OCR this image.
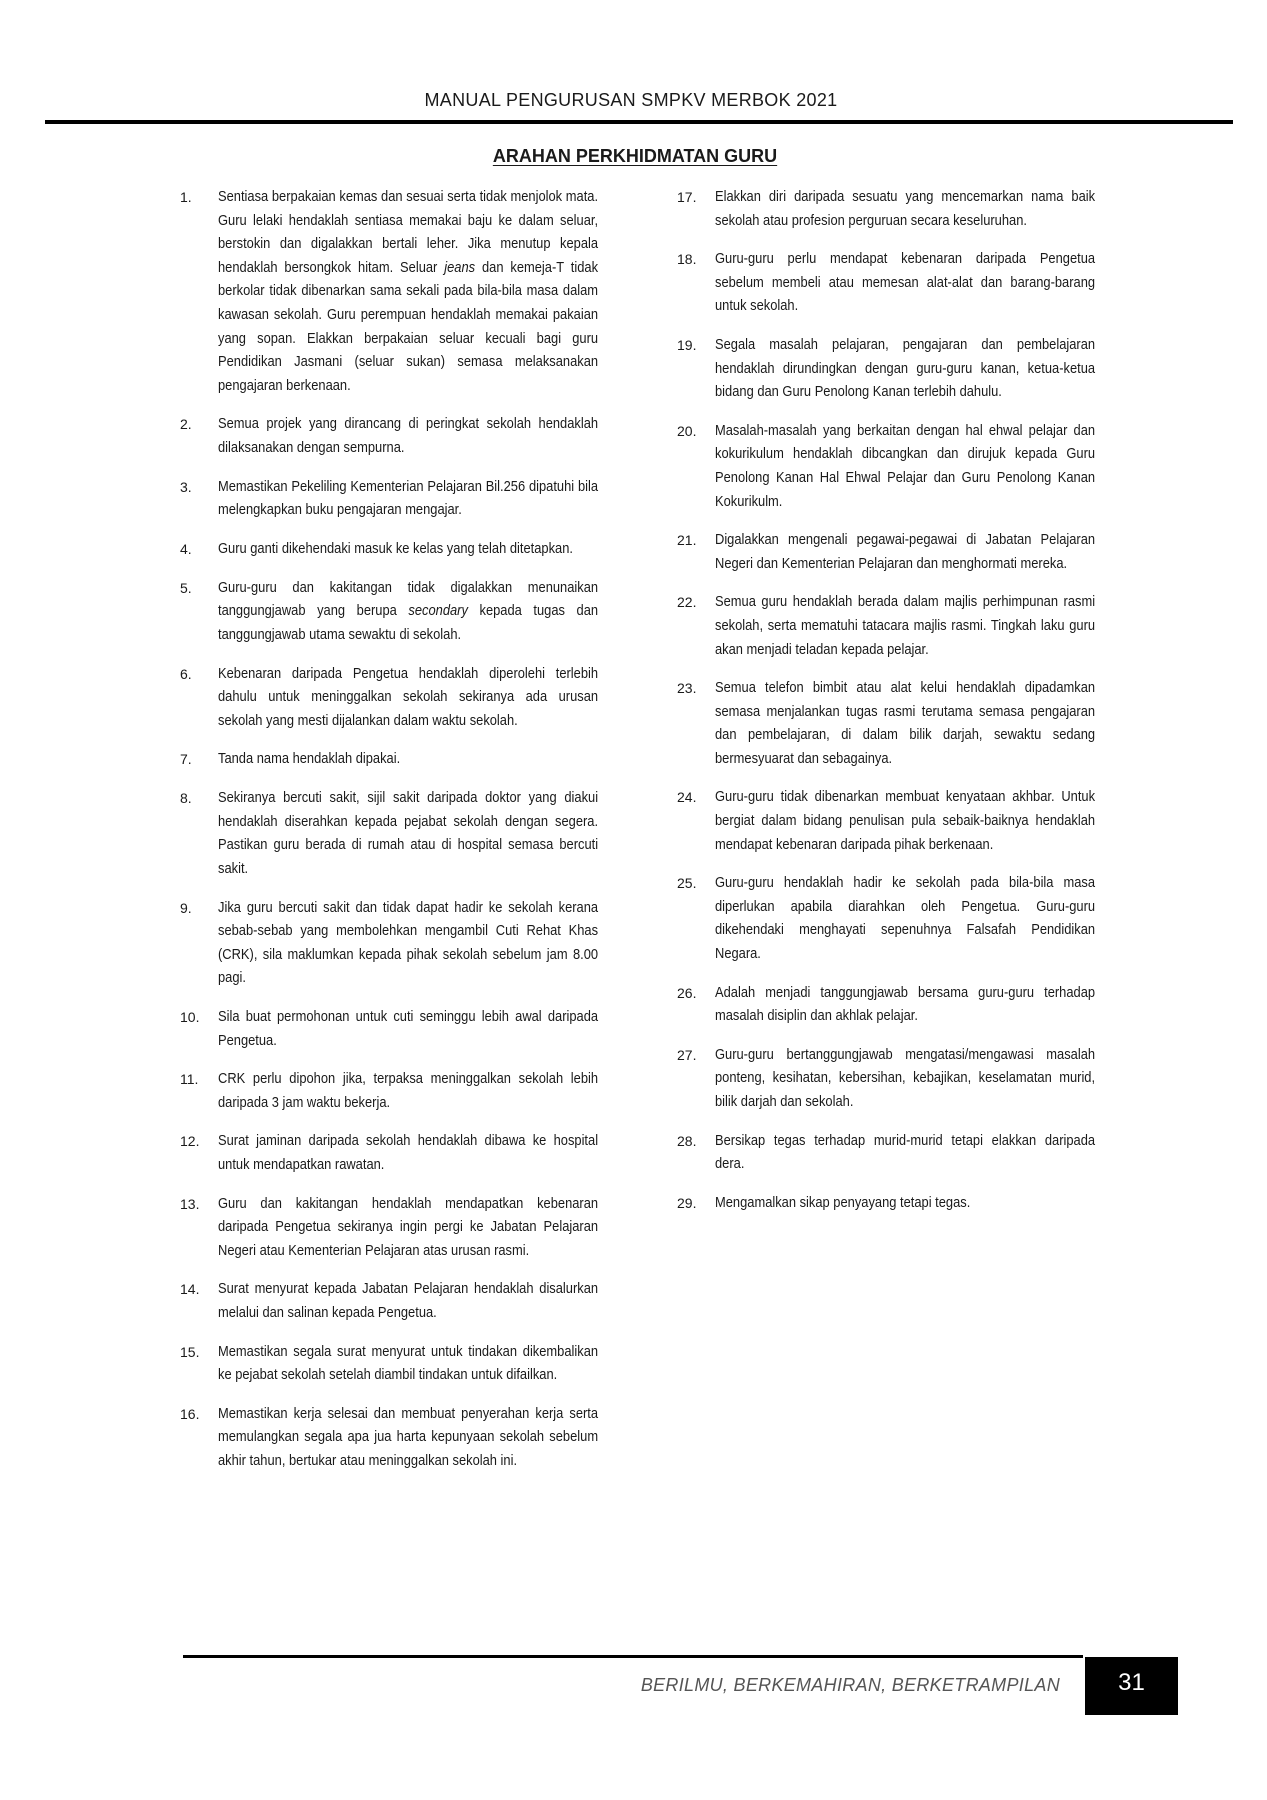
MANUAL PENGURUSAN SMPKV MERBOK 2021
ARAHAN PERKHIDMATAN GURU
1.	Sentiasa berpakaian kemas dan sesuai serta tidak menjolok mata. Guru lelaki hendaklah sentiasa memakai baju ke dalam seluar, berstokin dan digalakkan bertali leher. Jika menutup kepala hendaklah bersongkok hitam. Seluar jeans dan kemeja-T tidak berkolar tidak dibenarkan sama sekali pada bila-bila masa dalam kawasan sekolah. Guru perempuan hendaklah memakai pakaian yang sopan. Elakkan berpakaian seluar kecuali bagi guru Pendidikan Jasmani (seluar sukan) semasa melaksanakan pengajaran berkenaan.
2.	Semua projek yang dirancang di peringkat sekolah hendaklah dilaksanakan dengan sempurna.
3.	Memastikan Pekeliling Kementerian Pelajaran Bil.256 dipatuhi bila melengkapkan buku pengajaran mengajar.
4.	Guru ganti dikehendaki masuk ke kelas yang telah ditetapkan.
5.	Guru-guru dan kakitangan tidak digalakkan menunaikan tanggungjawab yang berupa secondary kepada tugas dan tanggungjawab utama sewaktu di sekolah.
6.	Kebenaran daripada Pengetua hendaklah diperolehi terlebih dahulu untuk meninggalkan sekolah sekiranya ada urusan sekolah yang mesti dijalankan dalam waktu sekolah.
7.	Tanda nama hendaklah dipakai.
8.	Sekiranya bercuti sakit, sijil sakit daripada doktor yang diakui hendaklah diserahkan kepada pejabat sekolah dengan segera. Pastikan guru berada di rumah atau di hospital semasa bercuti sakit.
9.	Jika guru bercuti sakit dan tidak dapat hadir ke sekolah kerana sebab-sebab yang membolehkan mengambil Cuti Rehat Khas (CRK), sila maklumkan kepada pihak sekolah sebelum jam 8.00 pagi.
10.	Sila buat permohonan untuk cuti seminggu lebih awal daripada Pengetua.
11.	CRK perlu dipohon jika, terpaksa meninggalkan sekolah lebih daripada 3 jam waktu bekerja.
12.	Surat jaminan daripada sekolah hendaklah dibawa ke hospital untuk mendapatkan rawatan.
13.	Guru dan kakitangan hendaklah mendapatkan kebenaran daripada Pengetua sekiranya ingin pergi ke Jabatan Pelajaran Negeri atau Kementerian Pelajaran atas urusan rasmi.
14.	Surat menyurat kepada Jabatan Pelajaran hendaklah disalurkan melalui dan salinan kepada Pengetua.
15.	Memastikan segala surat menyurat untuk tindakan dikembalikan ke pejabat sekolah setelah diambil tindakan untuk difailkan.
16.	Memastikan kerja selesai dan membuat penyerahan kerja serta memulangkan segala apa jua harta kepunyaan sekolah sebelum akhir tahun, bertukar atau meninggalkan sekolah ini.
17.	Elakkan diri daripada sesuatu yang mencemarkan nama baik sekolah atau profesion perguruan secara keseluruhan.
18.	Guru-guru perlu mendapat kebenaran daripada Pengetua sebelum membeli atau memesan alat-alat dan barang-barang untuk sekolah.
19.	Segala masalah pelajaran, pengajaran dan pembelajaran hendaklah dirundingkan dengan guru-guru kanan, ketua-ketua bidang dan Guru Penolong Kanan terlebih dahulu.
20.	Masalah-masalah yang berkaitan dengan hal ehwal pelajar dan kokurikulum hendaklah dibcangkan dan dirujuk kepada Guru Penolong Kanan Hal Ehwal Pelajar dan Guru Penolong Kanan Kokurikulm.
21.	Digalakkan mengenali pegawai-pegawai di Jabatan Pelajaran Negeri dan Kementerian Pelajaran dan menghormati mereka.
22.	Semua guru hendaklah berada dalam majlis perhimpunan rasmi sekolah, serta mematuhi tatacara majlis rasmi. Tingkah laku guru akan menjadi teladan kepada pelajar.
23.	Semua telefon bimbit atau alat kelui hendaklah dipadamkan semasa menjalankan tugas rasmi terutama semasa pengajaran dan pembelajaran, di dalam bilik darjah, sewaktu sedang bermesyuarat dan sebagainya.
24.	Guru-guru tidak dibenarkan membuat kenyataan akhbar. Untuk bergiat dalam bidang penulisan pula sebaik-baiknya hendaklah mendapat kebenaran daripada pihak berkenaan.
25.	Guru-guru hendaklah hadir ke sekolah pada bila-bila masa diperlukan apabila diarahkan oleh Pengetua. Guru-guru dikehendaki menghayati sepenuhnya Falsafah Pendidikan Negara.
26.	Adalah menjadi tanggungjawab bersama guru-guru terhadap masalah disiplin dan akhlak pelajar.
27.	Guru-guru bertanggungjawab mengatasi/mengawasi masalah ponteng, kesihatan, kebersihan, kebajikan, keselamatan murid, bilik darjah dan sekolah.
28.	Bersikap tegas terhadap murid-murid tetapi elakkan daripada dera.
29.	Mengamalkan sikap penyayang tetapi tegas.
BERILMU, BERKEMAHIRAN, BERKETRAMPILAN	31
